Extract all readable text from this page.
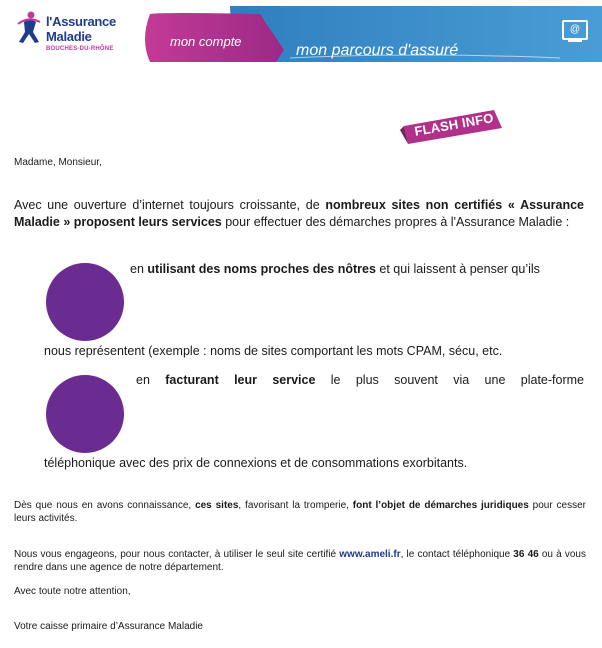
l'Assurance
Maladie
BOUCHES-DU-RHÔNE	mon compte
mon parcours d'assuré
@
FLASH INFO
Madame, Monsieur,
Avec une ouverture d’internet toujours croissante, de nombreux sites non certifiés « Assurance Maladie » proposent leurs services pour effectuer des démarches propres à l'Assurance Maladie :
en utilisant des noms proches des nôtres et qui laissent à penser qu’ils
nous représentent (exemple : noms de sites comportant les mots CPAM, sécu, etc.
en facturant leur service le plus souvent via une plate-forme
téléphonique avec des prix de connexions et de consommations exorbitants.
Dès que nous en avons connaissance, ces sites, favorisant la tromperie, font l’objet de démarches juridiques pour cesser leurs activités.
Nous vous engageons, pour nous contacter, à utiliser le seul site certifié www.ameli.fr, le contact téléphonique 36 46 ou à vous rendre dans une agence de notre département.
Avec toute notre attention,
Votre caisse primaire d’Assurance Maladie
